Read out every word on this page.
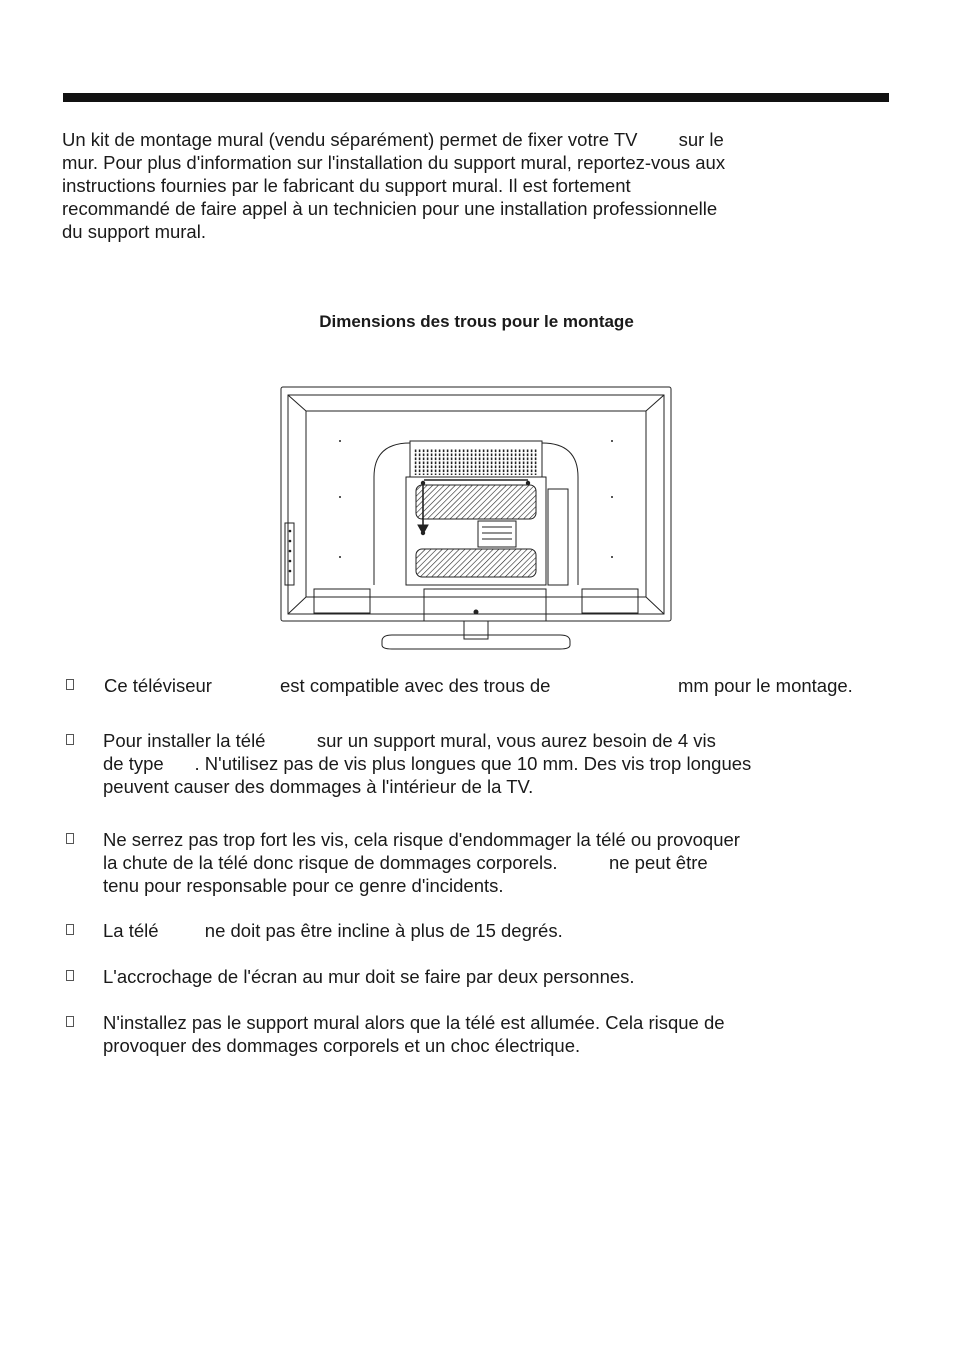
Un kit de montage mural (vendu séparément) permet de fixer votre TV        sur le

mur. Pour plus d'information sur l'installation du support mural, reportez-vous aux

instructions fournies par le fabricant du support mural. Il est fortement

recommandé de faire appel à un technicien pour une installation professionnelle

du support mural.

Dimensions des trous pour le montage
Ce téléviseur	est compatible avec des trous de	mm pour le montage.

Pour installer la télé          sur un support mural, vous aurez besoin de 4 vis

de type      . N'utilisez pas de vis plus longues que 10 mm. Des vis trop longues

peuvent causer des dommages à l'intérieur de la TV.

Ne serrez pas trop fort les vis, cela risque d'endommager la télé ou provoquer

la chute de la télé donc risque de dommages corporels.          ne peut être

tenu pour responsable pour ce genre d'incidents.

La télé         ne doit pas être incline à plus de 15 degrés.

L'accrochage de l'écran au mur doit se faire par deux personnes.

N'installez pas le support mural alors que la télé est allumée. Cela risque de

provoquer des dommages corporels et un choc électrique.
